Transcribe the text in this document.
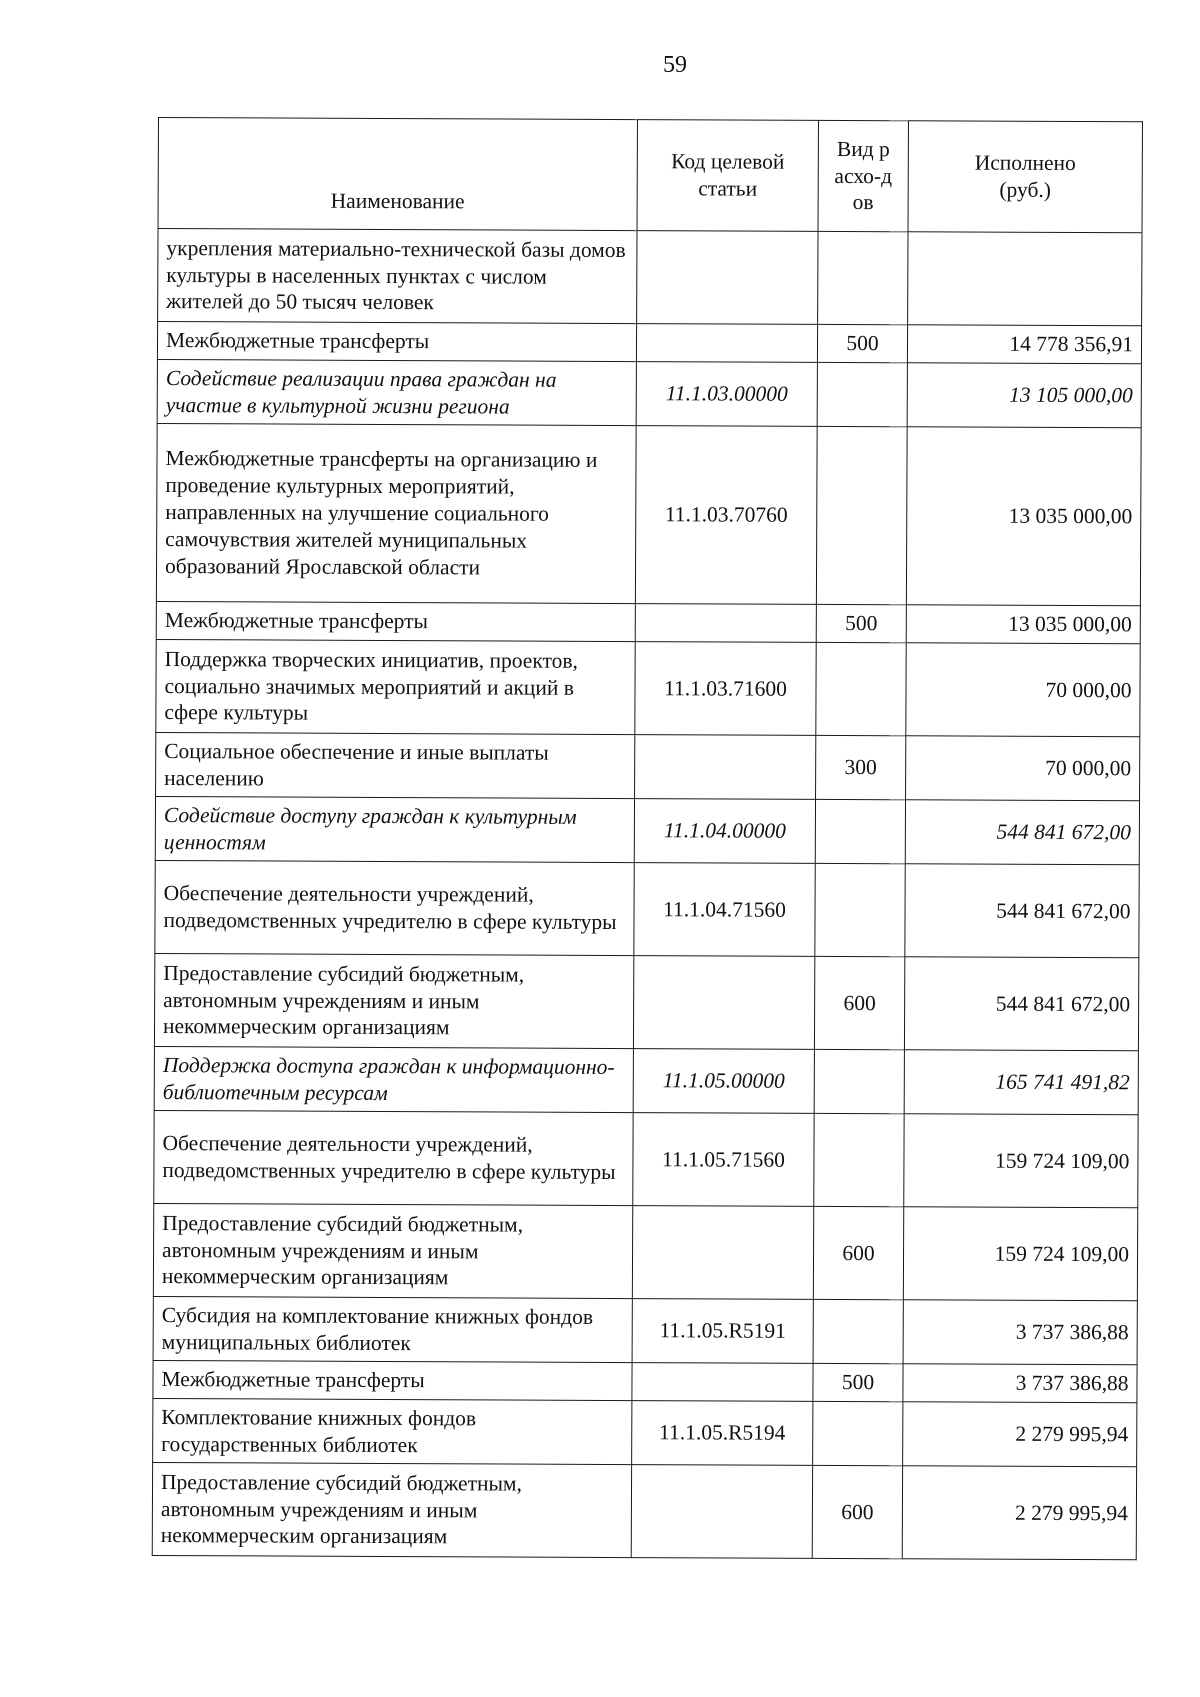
59
Наименование	Код целевой статьи	Вид расхо-дов	Исполнено (руб.)
укрепления материально-технической базы домов культуры в населенных пунктах с числом жителей до 50 тысяч человек			
Межбюджетные трансферты		500	14 778 356,91
Содействие реализации права граждан на участие в культурной жизни региона	11.1.03.00000		13 105 000,00
Межбюджетные трансферты на организацию и проведение культурных мероприятий, направленных на улучшение социального самочувствия жителей муниципальных образований Ярославской области	11.1.03.70760		13 035 000,00
Межбюджетные трансферты		500	13 035 000,00
Поддержка творческих инициатив, проектов, социально значимых мероприятий и акций в сфере культуры	11.1.03.71600		70 000,00
Социальное обеспечение и иные выплаты населению		300	70 000,00
Содействие доступу граждан к культурным ценностям	11.1.04.00000		544 841 672,00
Обеспечение деятельности учреждений, подведомственных учредителю в сфере культуры	11.1.04.71560		544 841 672,00
Предоставление субсидий бюджетным, автономным учреждениям и иным некоммерческим организациям		600	544 841 672,00
Поддержка доступа граждан к информационно-библиотечным ресурсам	11.1.05.00000		165 741 491,82
Обеспечение деятельности учреждений, подведомственных учредителю в сфере культуры	11.1.05.71560		159 724 109,00
Предоставление субсидий бюджетным, автономным учреждениям и иным некоммерческим организациям		600	159 724 109,00
Субсидия на комплектование книжных фондов муниципальных библиотек	11.1.05.R5191		3 737 386,88
Межбюджетные трансферты		500	3 737 386,88
Комплектование книжных фондов государственных библиотек	11.1.05.R5194		2 279 995,94
Предоставление субсидий бюджетным, автономным учреждениям и иным некоммерческим организациям		600	2 279 995,94
